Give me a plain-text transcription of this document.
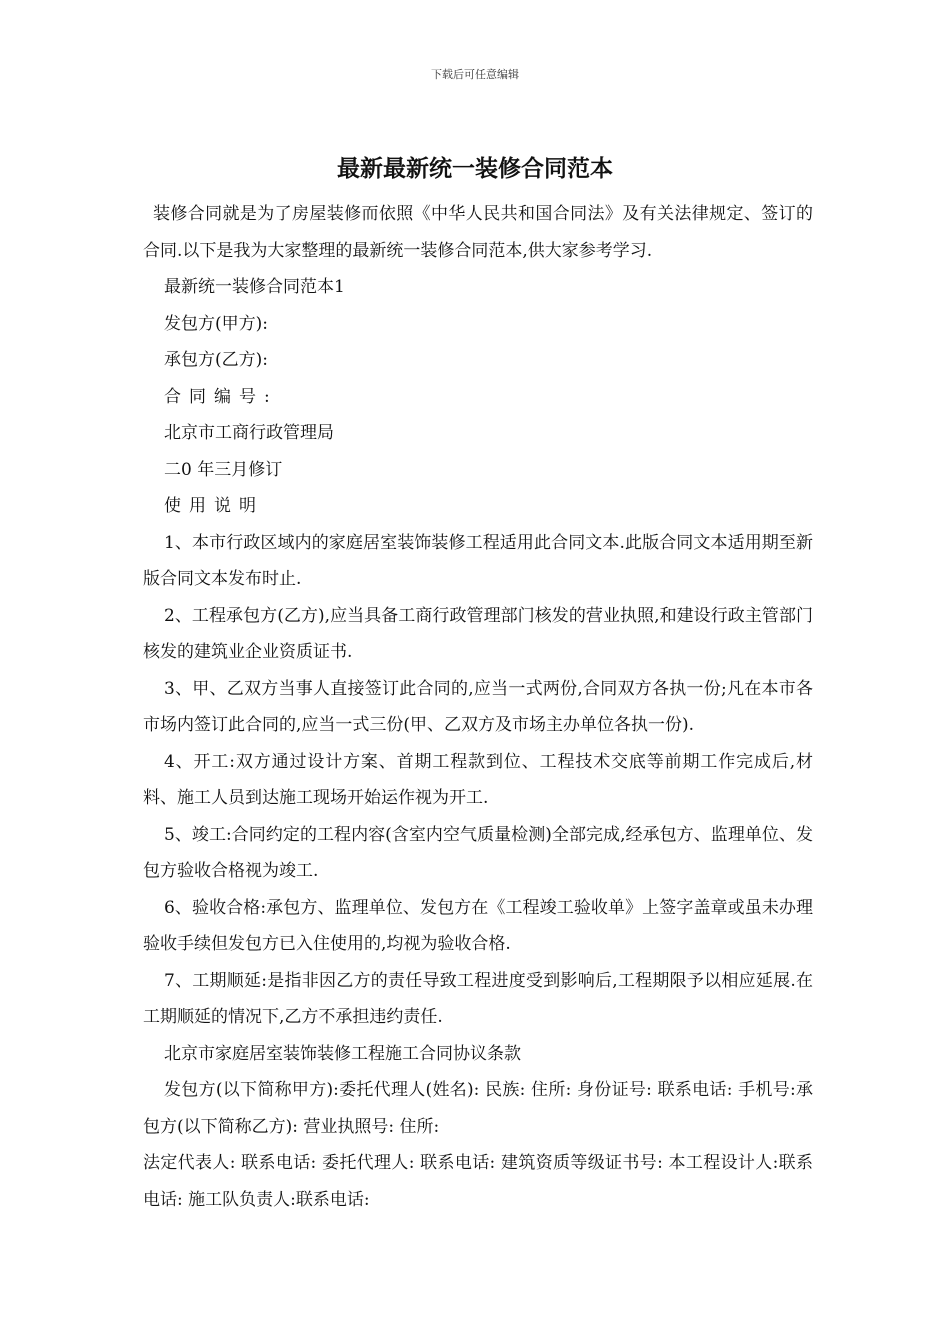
下载后可任意编辑
最新最新统一装修合同范本

装修合同就是为了房屋装修而依照《中华人民共和国合同法》及有关法律规定、签订的合同.以下是我为大家整理的最新统一装修合同范本,供大家参考学习.

最新统一装修合同范本1

发包方(甲方):

承包方(乙方):

合同编号:

北京市工商行政管理局

二0 年三月修订

使用说明

1、本市行政区域内的家庭居室装饰装修工程适用此合同文本.此版合同文本适用期至新版合同文本发布时止.

2、工程承包方(乙方),应当具备工商行政管理部门核发的营业执照,和建设行政主管部门核发的建筑业企业资质证书.

3、甲、乙双方当事人直接签订此合同的,应当一式两份,合同双方各执一份;凡在本市各市场内签订此合同的,应当一式三份(甲、乙双方及市场主办单位各执一份).

4、开工:双方通过设计方案、首期工程款到位、工程技术交底等前期工作完成后,材料、施工人员到达施工现场开始运作视为开工.

5、竣工:合同约定的工程内容(含室内空气质量检测)全部完成,经承包方、监理单位、发包方验收合格视为竣工.

6、验收合格:承包方、监理单位、发包方在《工程竣工验收单》上签字盖章或虽未办理验收手续但发包方已入住使用的,均视为验收合格.

7、工期顺延:是指非因乙方的责任导致工程进度受到影响后,工程期限予以相应延展.在工期顺延的情况下,乙方不承担违约责任.

北京市家庭居室装饰装修工程施工合同协议条款

发包方(以下简称甲方):委托代理人(姓名): 民族: 住所: 身份证号: 联系电话: 手机号:承包方(以下简称乙方): 营业执照号: 住所:

法定代表人: 联系电话: 委托代理人: 联系电话: 建筑资质等级证书号: 本工程设计人:联系电话: 施工队负责人:联系电话:
